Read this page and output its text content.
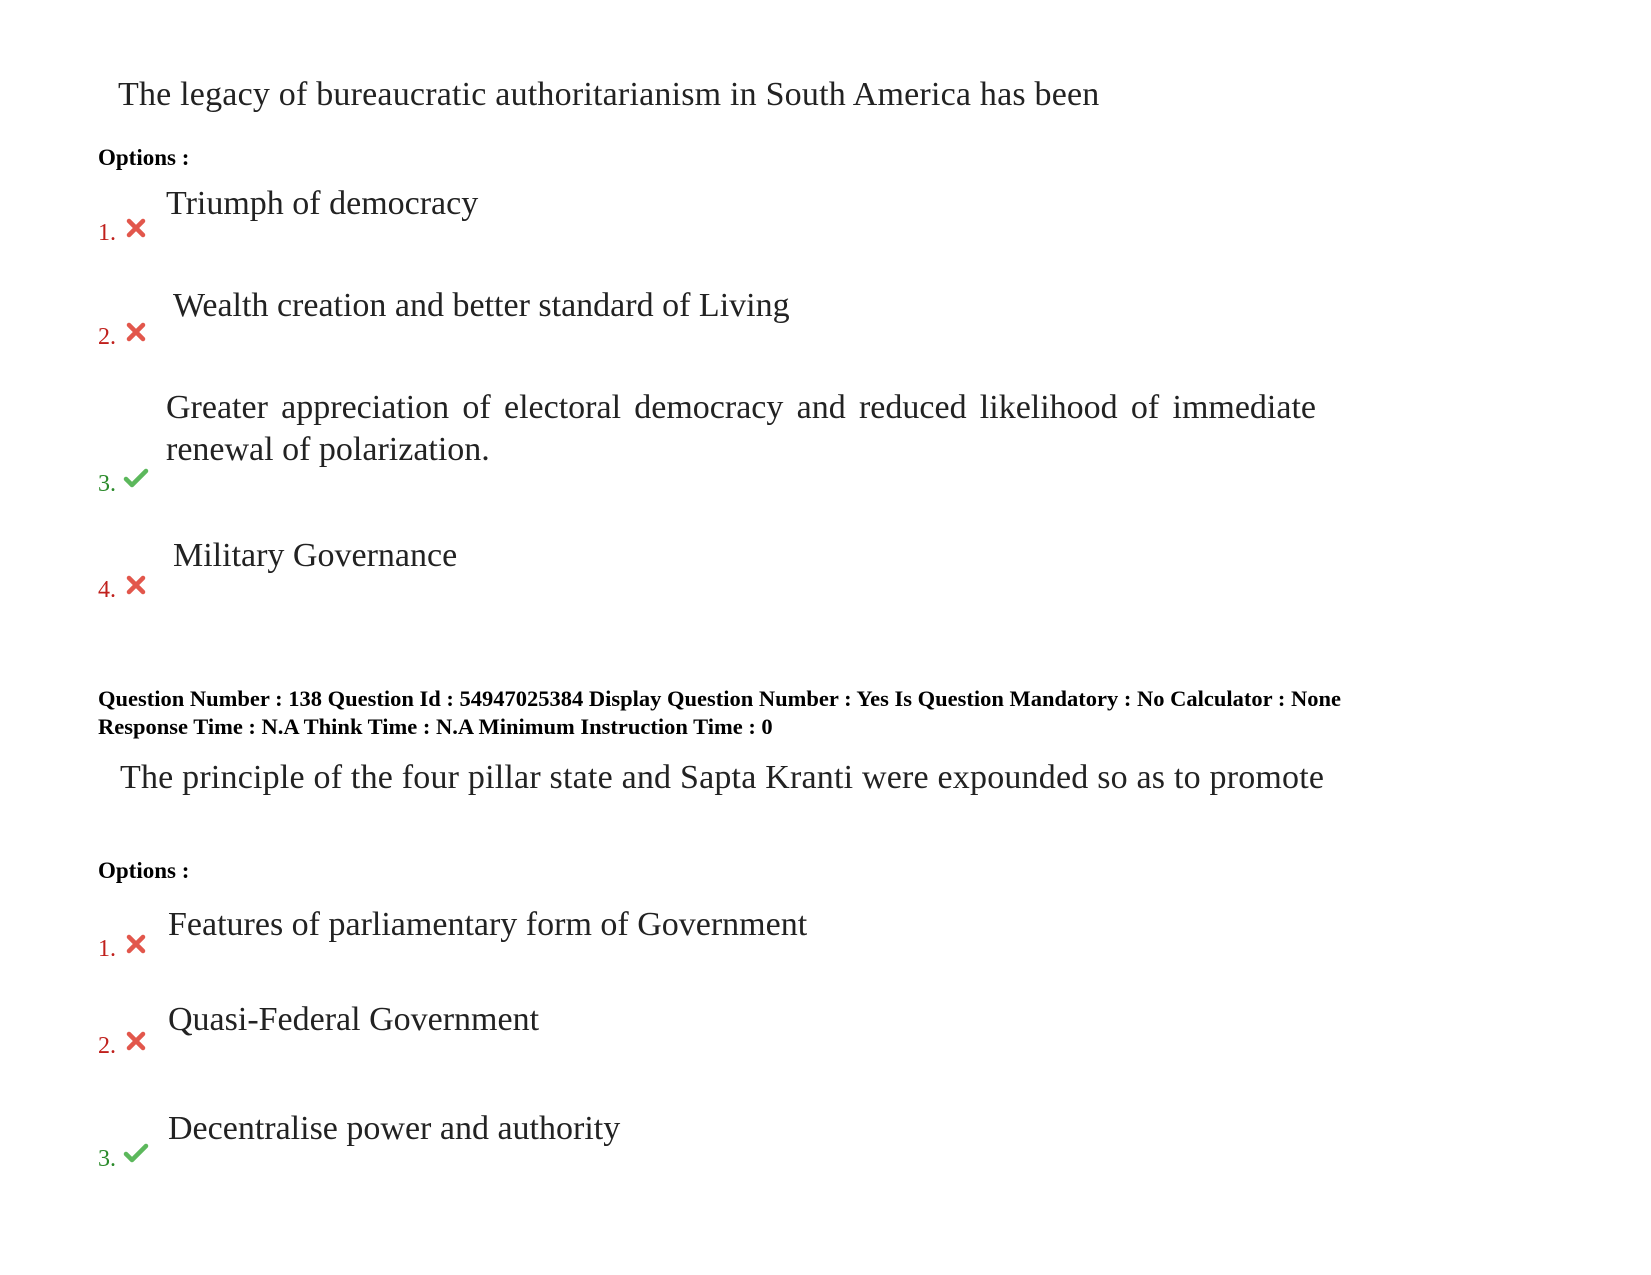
The legacy of bureaucratic authoritarianism in South America has been
Options :
Triumph of democracy
1.
Wealth creation and better standard of Living
2.
Greater appreciation of electoral democracy and reduced likelihood of immediate renewal of polarization.
3.
Military Governance
4.
Question Number : 138 Question Id : 54947025384 Display Question Number : Yes Is Question Mandatory : No Calculator : None
Response Time : N.A Think Time : N.A Minimum Instruction Time : 0
The principle of the four pillar state and Sapta Kranti were expounded so as to promote
Options :
Features of parliamentary form of Government
1.
Quasi-Federal Government
2.
Decentralise power and authority
3.
